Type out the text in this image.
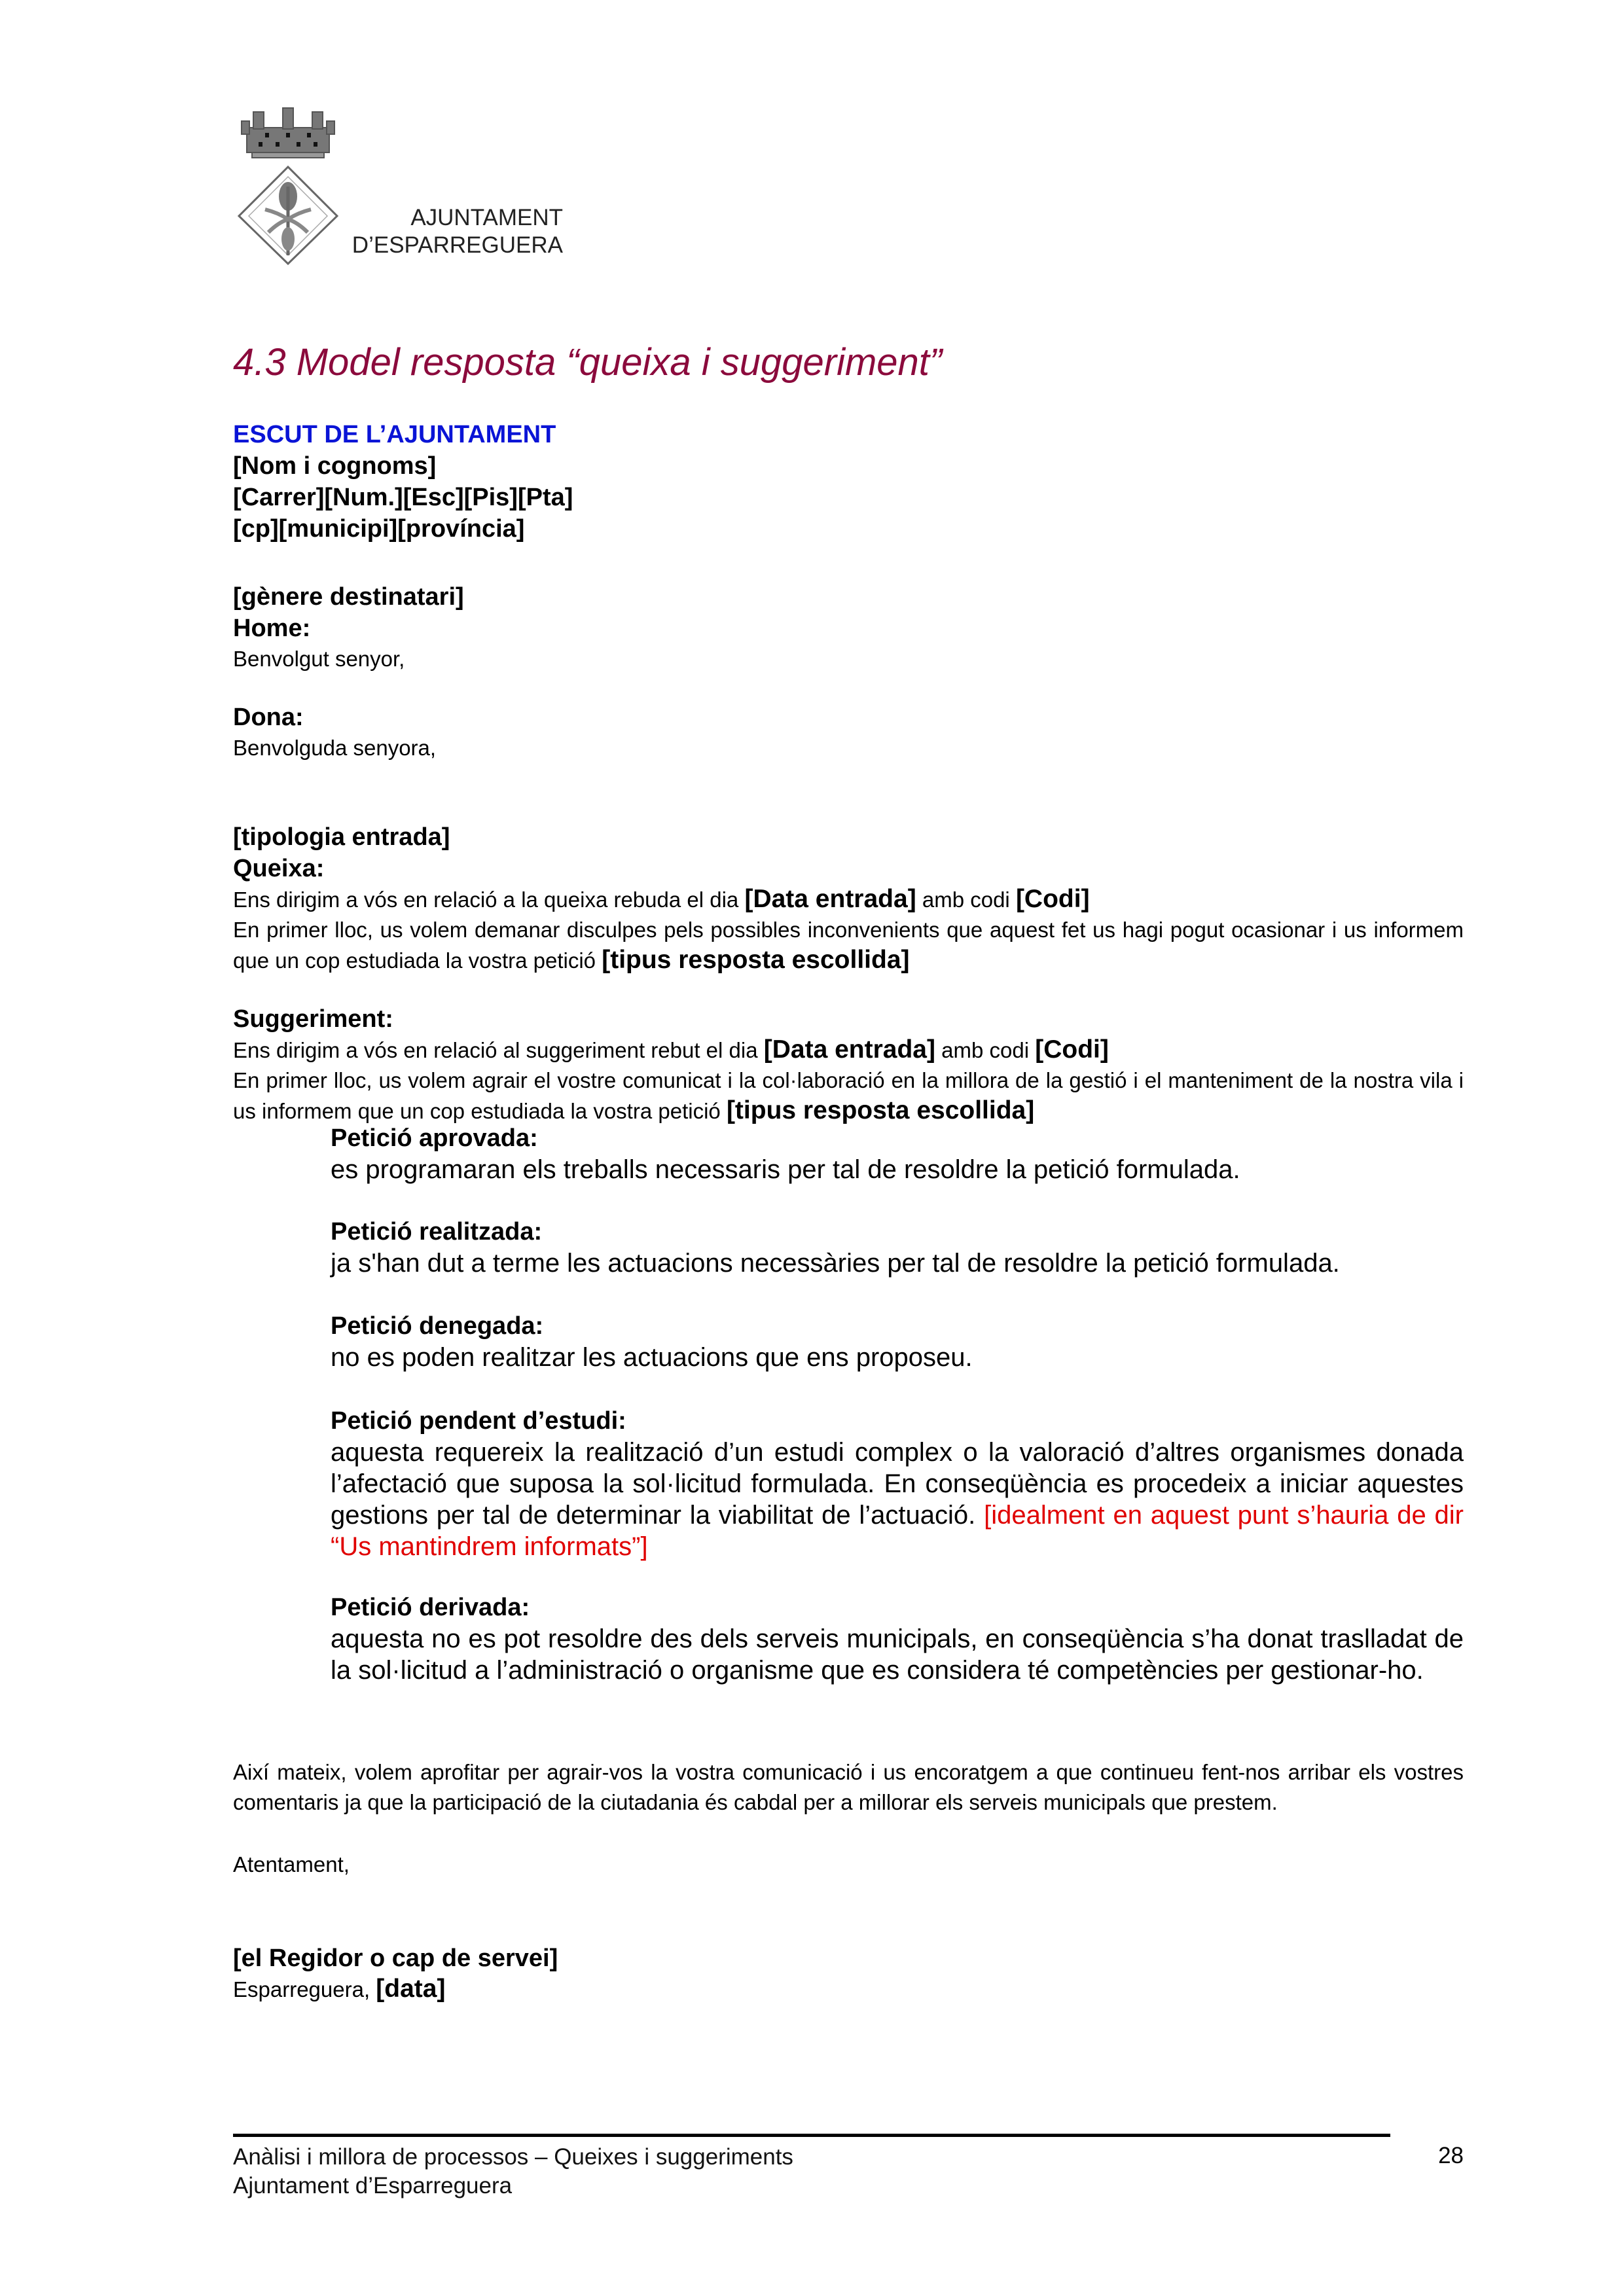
AJUNTAMENT
D’ESPARREGUERA
4.3 Model resposta “queixa i suggeriment”
ESCUT DE L’AJUNTAMENT
[Nom i cognoms]
[Carrer][Num.][Esc][Pis][Pta]
[cp][municipi][província]
[gènere destinatari]
Home:
Benvolgut senyor,
Dona:
Benvolguda senyora,
[tipologia entrada]
Queixa:
Ens dirigim a vós en relació a la queixa rebuda el dia [Data entrada] amb codi [Codi]
En primer lloc, us volem demanar disculpes pels possibles inconvenients que aquest fet us hagi pogut ocasionar i us informem que un cop estudiada la vostra petició [tipus resposta escollida]
Suggeriment:
Ens dirigim a vós en relació al suggeriment rebut el dia [Data entrada] amb codi [Codi]
En primer lloc, us volem agrair el vostre comunicat i la col·laboració en la millora de la gestió i el manteniment de la nostra vila i us informem que un cop estudiada la vostra petició [tipus resposta escollida]
Petició aprovada:
es programaran els treballs necessaris per tal de resoldre la petició formulada.
Petició realitzada:
ja s'han dut a terme les actuacions necessàries per tal de resoldre la petició formulada.
Petició denegada:
no es poden realitzar les actuacions que ens proposeu.
Petició pendent d’estudi:
aquesta requereix la realització d’un estudi complex o la valoració d’altres organismes donada l’afectació que suposa la sol·licitud formulada. En conseqüència es procedeix a iniciar aquestes gestions per tal de determinar la viabilitat de l’actuació. [idealment en aquest punt s’hauria de dir “Us mantindrem informats”]
Petició derivada:
aquesta no es pot resoldre des dels serveis municipals, en conseqüència s’ha donat traslladat de la sol·licitud a l’administració o organisme que es considera té competències per gestionar-ho.
Així mateix, volem aprofitar per agrair-vos la vostra comunicació i us encoratgem a que continueu fent-nos arribar els vostres comentaris ja que la participació de la ciutadania és cabdal per a millorar els serveis municipals que prestem.
Atentament,
[el Regidor o cap de servei]
Esparreguera, [data]
Anàlisi i millora de processos – Queixes i suggeriments
Ajuntament d’Esparreguera
28
